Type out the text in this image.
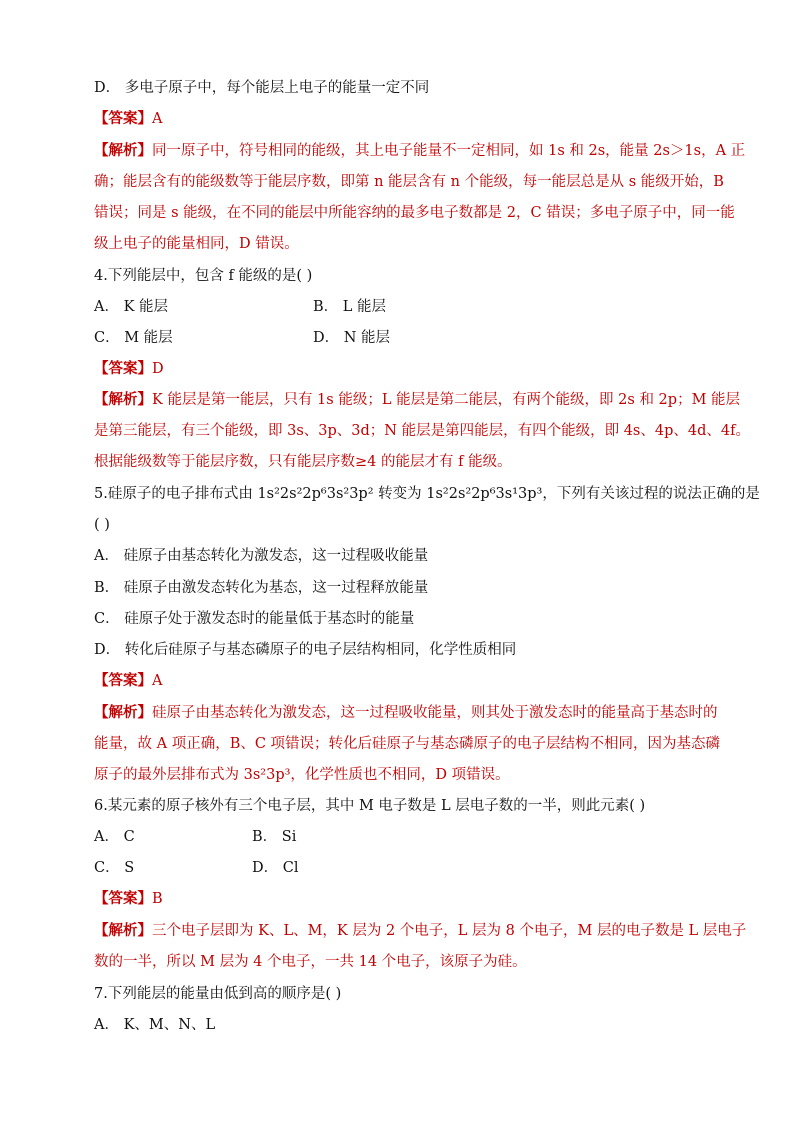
D． 多电子原子中，每个能层上电子的能量一定不同
【答案】A
【解析】同一原子中，符号相同的能级，其上电子能量不一定相同，如 1s 和 2s，能量 2s＞1s，A 正
确；能层含有的能级数等于能层序数，即第 n 能层含有 n 个能级，每一能层总是从 s 能级开始，B
错误；同是 s 能级，在不同的能层中所能容纳的最多电子数都是 2，C 错误；多电子原子中，同一能
级上电子的能量相同，D 错误。
4.下列能层中，包含 f 能级的是( )
A． K 能层	B． L 能层
C． M 能层	D． N 能层
【答案】D
【解析】K 能层是第一能层，只有 1s 能级；L 能层是第二能层，有两个能级，即 2s 和 2p；M 能层
是第三能层，有三个能级，即 3s、3p、3d；N 能层是第四能层，有四个能级，即 4s、4p、4d、4f。
根据能级数等于能层序数，只有能层序数≥4 的能层才有 f 能级。
5.硅原子的电子排布式由 1s²2s²2p⁶3s²3p² 转变为 1s²2s²2p⁶3s¹3p³，下列有关该过程的说法正确的是
( )
A． 硅原子由基态转化为激发态，这一过程吸收能量
B． 硅原子由激发态转化为基态，这一过程释放能量
C． 硅原子处于激发态时的能量低于基态时的能量
D． 转化后硅原子与基态磷原子的电子层结构相同，化学性质相同
【答案】A
【解析】硅原子由基态转化为激发态，这一过程吸收能量，则其处于激发态时的能量高于基态时的
能量，故 A 项正确，B、C 项错误；转化后硅原子与基态磷原子的电子层结构不相同，因为基态磷
原子的最外层排布式为 3s²3p³，化学性质也不相同，D 项错误。
6.某元素的原子核外有三个电子层，其中 M 电子数是 L 层电子数的一半，则此元素( )
A． C	B． Si
C． S	D． Cl
【答案】B
【解析】三个电子层即为 K、L、M，K 层为 2 个电子，L 层为 8 个电子，M 层的电子数是 L 层电子
数的一半，所以 M 层为 4 个电子，一共 14 个电子，该原子为硅。
7.下列能层的能量由低到高的顺序是( )
A． K、M、N、L
